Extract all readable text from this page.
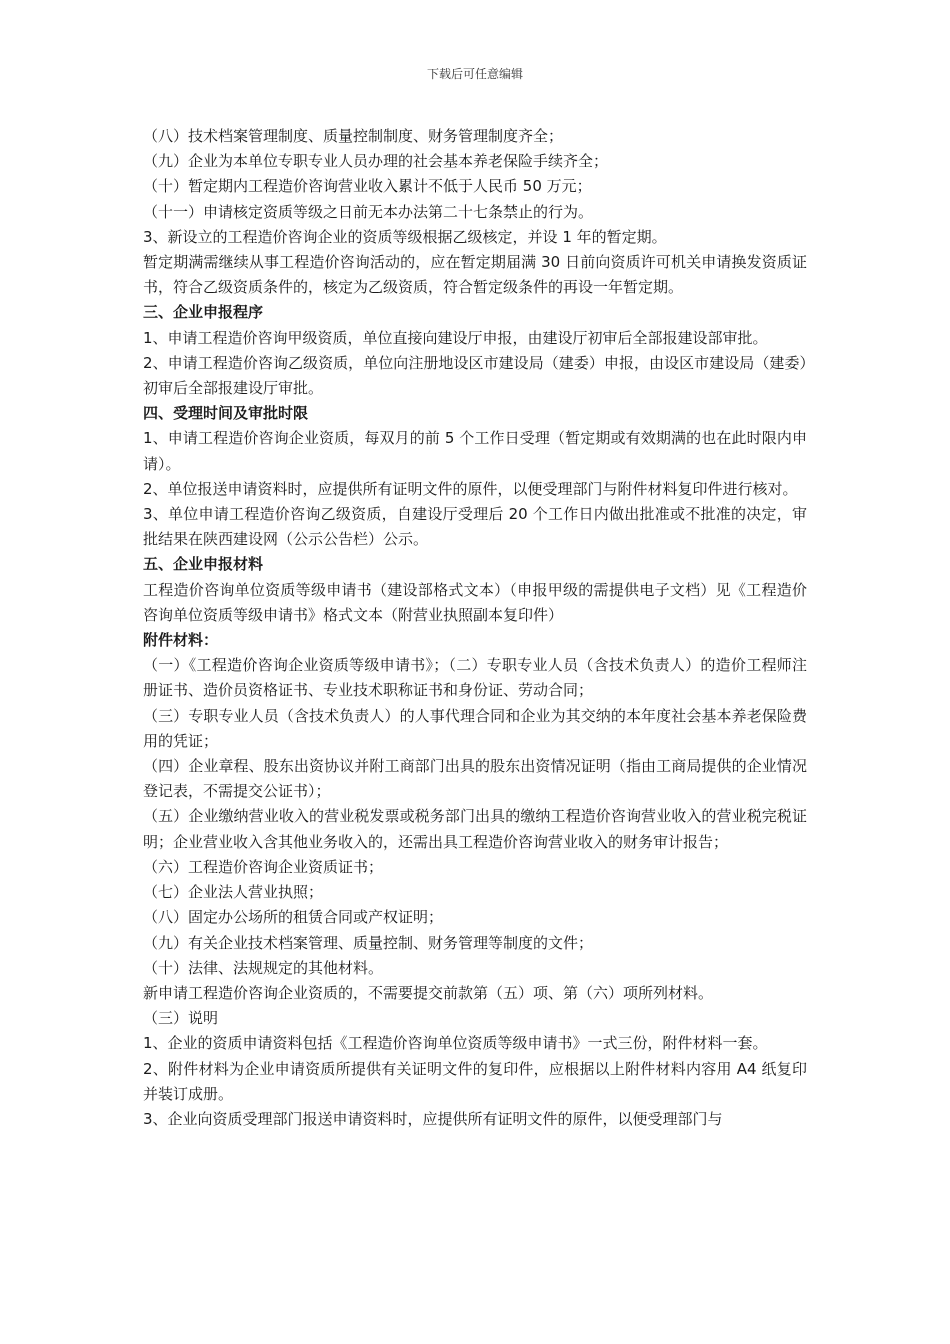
下载后可任意编辑

（八）技术档案管理制度、质量控制制度、财务管理制度齐全；

（九）企业为本单位专职专业人员办理的社会基本养老保险手续齐全；

（十）暂定期内工程造价咨询营业收入累计不低于人民币 50 万元；

（十一）申请核定资质等级之日前无本办法第二十七条禁止的行为。

3、新设立的工程造价咨询企业的资质等级根据乙级核定，并设 1 年的暂定期。

暂定期满需继续从事工程造价咨询活动的，应在暂定期届满 30 日前向资质许可机关申请换发资质证书，符合乙级资质条件的，核定为乙级资质，符合暂定级条件的再设一年暂定期。

三、企业申报程序

1、申请工程造价咨询甲级资质，单位直接向建设厅申报，由建设厅初审后全部报建设部审批。

2、申请工程造价咨询乙级资质，单位向注册地设区市建设局（建委）申报，由设区市建设局（建委）初审后全部报建设厅审批。

四、受理时间及审批时限

1、申请工程造价咨询企业资质，每双月的前 5 个工作日受理（暂定期或有效期满的也在此时限内申请）。

2、单位报送申请资料时，应提供所有证明文件的原件，以便受理部门与附件材料复印件进行核对。

3、单位申请工程造价咨询乙级资质，自建设厅受理后 20 个工作日内做出批准或不批准的决定，审批结果在陕西建设网（公示公告栏）公示。

五、企业申报材料

工程造价咨询单位资质等级申请书（建设部格式文本）（申报甲级的需提供电子文档）见《工程造价咨询单位资质等级申请书》格式文本（附营业执照副本复印件）

附件材料：

（一）《工程造价咨询企业资质等级申请书》；（二）专职专业人员（含技术负责人）的造价工程师注册证书、造价员资格证书、专业技术职称证书和身份证、劳动合同；

（三）专职专业人员（含技术负责人）的人事代理合同和企业为其交纳的本年度社会基本养老保险费用的凭证；

（四）企业章程、股东出资协议并附工商部门出具的股东出资情况证明（指由工商局提供的企业情况登记表，不需提交公证书）；

（五）企业缴纳营业收入的营业税发票或税务部门出具的缴纳工程造价咨询营业收入的营业税完税证明；企业营业收入含其他业务收入的，还需出具工程造价咨询营业收入的财务审计报告；

（六）工程造价咨询企业资质证书；

（七）企业法人营业执照；

（八）固定办公场所的租赁合同或产权证明；

（九）有关企业技术档案管理、质量控制、财务管理等制度的文件；

（十）法律、法规规定的其他材料。

新申请工程造价咨询企业资质的，不需要提交前款第（五）项、第（六）项所列材料。

（三）说明

1、企业的资质申请资料包括《工程造价咨询单位资质等级申请书》一式三份，附件材料一套。

2、附件材料为企业申请资质所提供有关证明文件的复印件，应根据以上附件材料内容用 A4 纸复印并装订成册。

3、企业向资质受理部门报送申请资料时，应提供所有证明文件的原件，以便受理部门与
